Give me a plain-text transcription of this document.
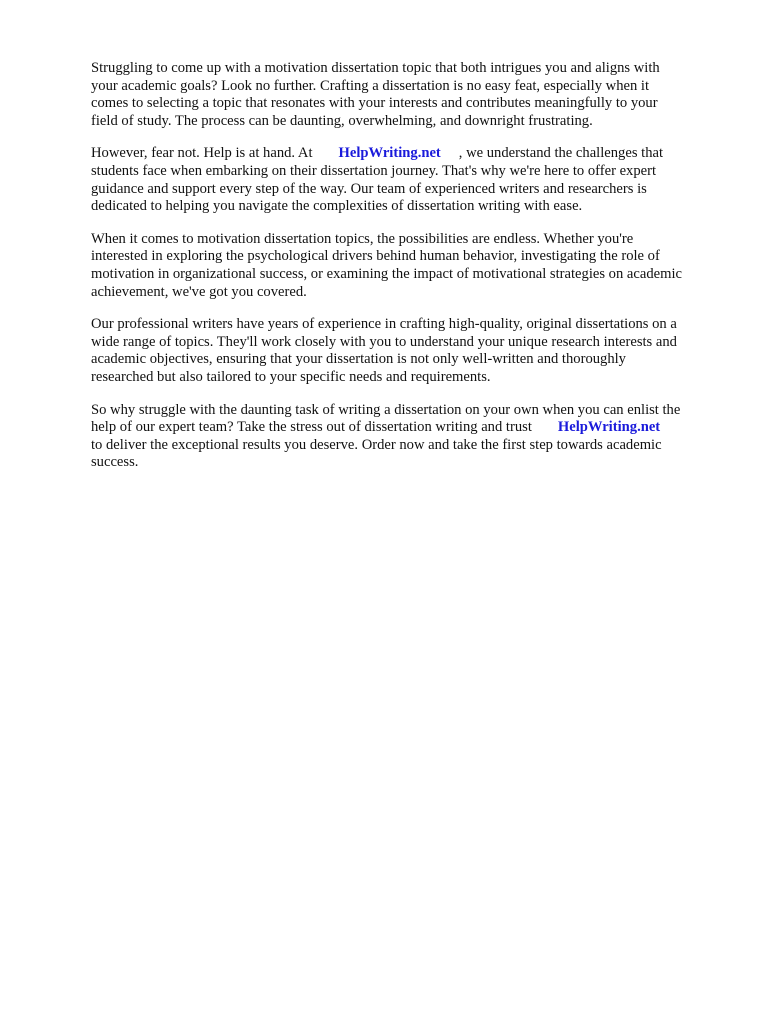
Struggling to come up with a motivation dissertation topic that both intrigues you and aligns with
your academic goals? Look no further. Crafting a dissertation is no easy feat, especially when it
comes to selecting a topic that resonates with your interests and contributes meaningfully to your
field of study. The process can be daunting, overwhelming, and downright frustrating.

However, fear not. Help is at hand. At HelpWriting.net , we understand the challenges that
students face when embarking on their dissertation journey. That's why we're here to offer expert
guidance and support every step of the way. Our team of experienced writers and researchers is
dedicated to helping you navigate the complexities of dissertation writing with ease.

When it comes to motivation dissertation topics, the possibilities are endless. Whether you're
interested in exploring the psychological drivers behind human behavior, investigating the role of
motivation in organizational success, or examining the impact of motivational strategies on academic
achievement, we've got you covered.

Our professional writers have years of experience in crafting high-quality, original dissertations on a
wide range of topics. They'll work closely with you to understand your unique research interests and
academic objectives, ensuring that your dissertation is not only well-written and thoroughly
researched but also tailored to your specific needs and requirements.

So why struggle with the daunting task of writing a dissertation on your own when you can enlist the
help of our expert team? Take the stress out of dissertation writing and trust HelpWriting.net
to deliver the exceptional results you deserve. Order now and take the first step towards academic
success.
